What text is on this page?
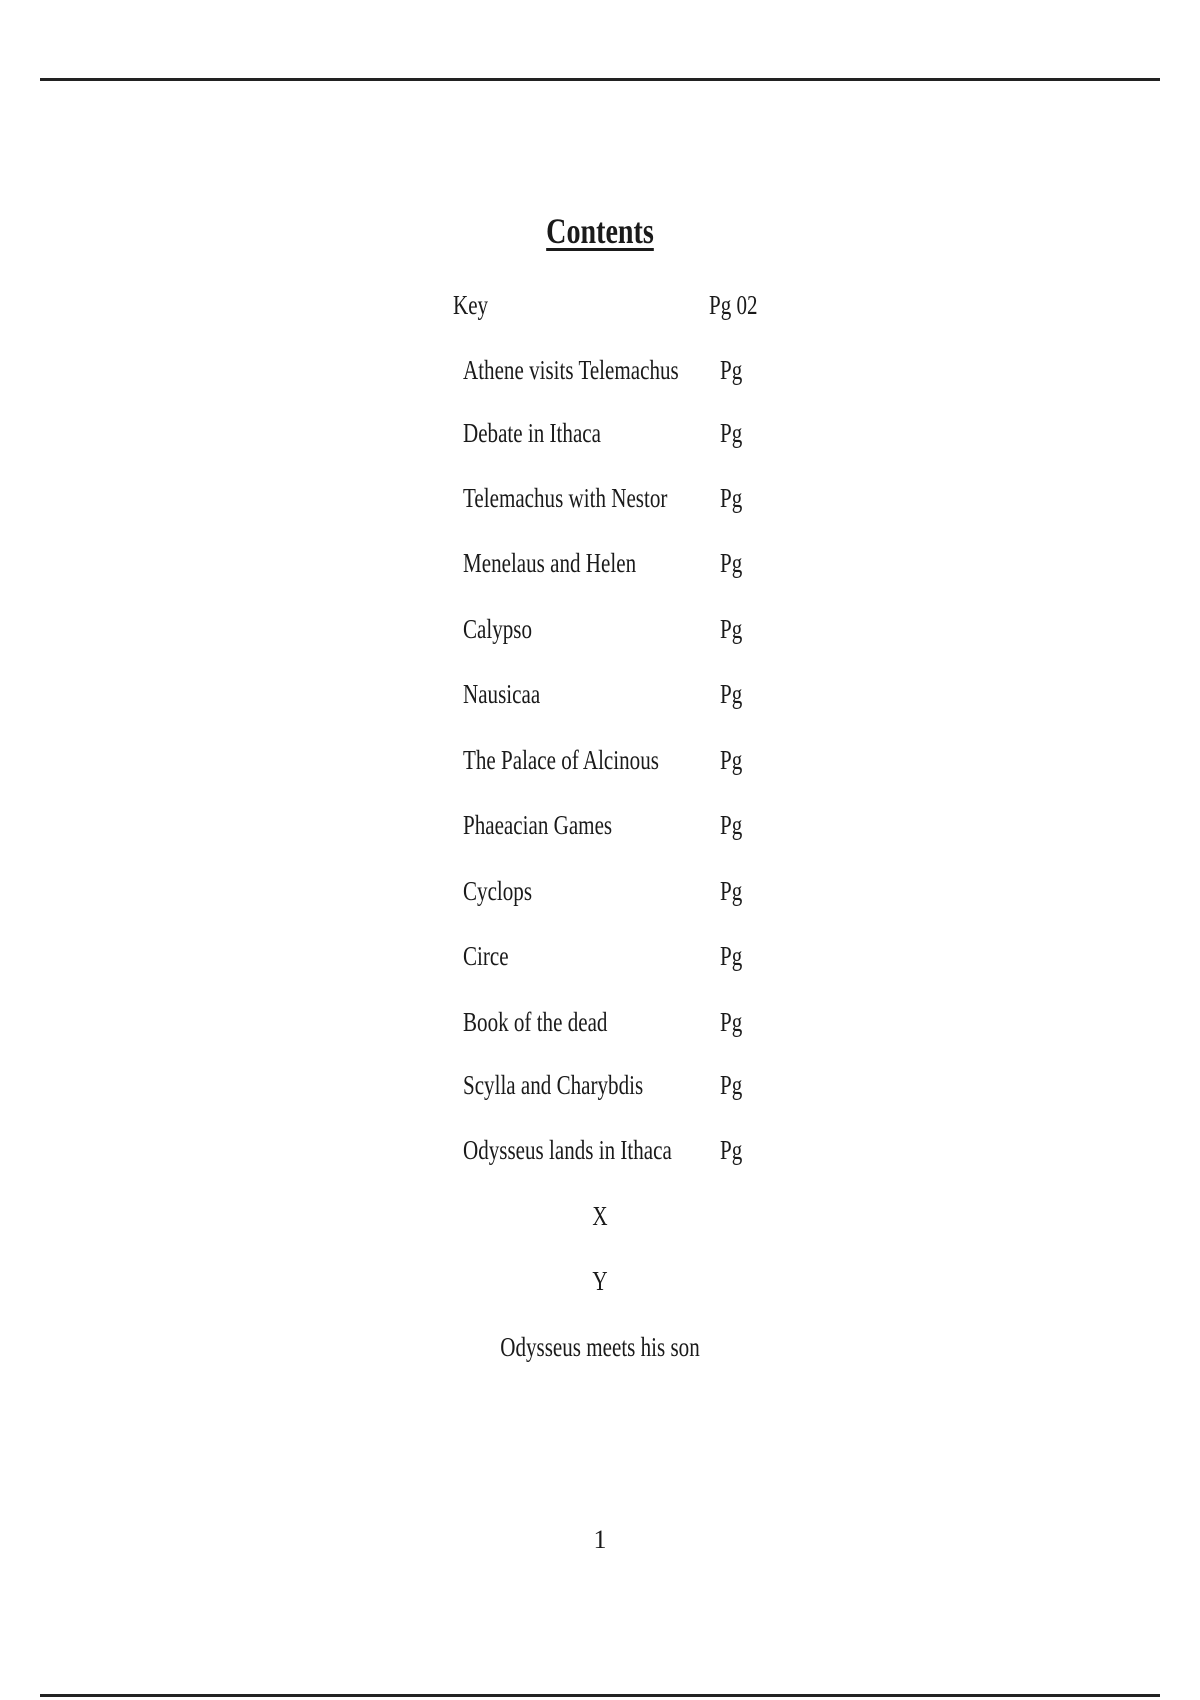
Contents
Key	Pg 02
Athene visits Telemachus Pg
Debate in Ithaca	Pg
Telemachus with Nestor Pg
Menelaus and Helen	Pg
Calypso	Pg
Nausicaa	Pg
The Palace of Alcinous Pg
Phaeacian Games	Pg
Cyclops	Pg
Circe	Pg
Book of the dead	Pg
Scylla and Charybdis	Pg
Odysseus lands in Ithaca Pg
X
Y
Odysseus meets his son
1
